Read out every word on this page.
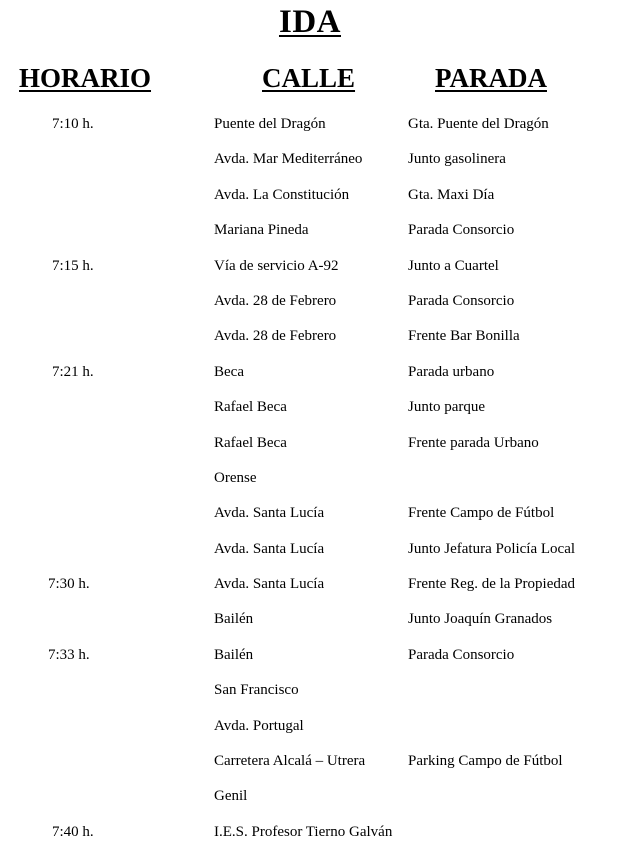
IDA
HORARIO	CALLE	PARADA
7:10 h.	Puente del Dragón	Gta. Puente del Dragón
Avda. Mar Mediterráneo	Junto gasolinera
Avda. La Constitución	Gta. Maxi Día
Mariana Pineda	Parada Consorcio
7:15 h.	Vía de servicio A-92	Junto a Cuartel
Avda. 28 de Febrero	Parada Consorcio
Avda. 28 de Febrero	Frente Bar Bonilla
7:21 h.	Beca	Parada urbano
Rafael Beca	Junto parque
Rafael Beca	Frente parada Urbano
Orense
Avda. Santa Lucía	Frente Campo de Fútbol
Avda. Santa Lucía	Junto Jefatura Policía Local
7:30 h.	Avda. Santa Lucía	Frente Reg. de la Propiedad
Bailén	Junto Joaquín Granados
7:33 h.	Bailén	Parada Consorcio
San Francisco
Avda. Portugal
Carretera Alcalá – Utrera	Parking Campo de Fútbol
Genil
7:40 h.	I.E.S. Profesor Tierno Galván
